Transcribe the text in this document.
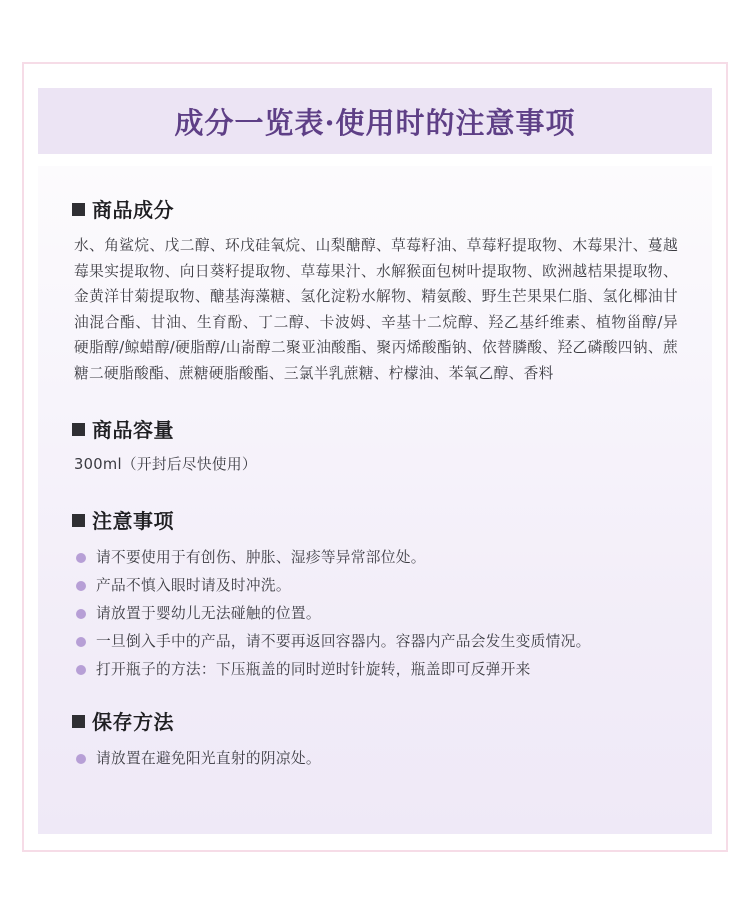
成分一览表·使用时的注意事项
商品成分

水、角鲨烷、戊二醇、环戊硅氧烷、山梨醣醇、草莓籽油、草莓籽提取物、木莓果汁、蔓越莓果实提取物、向日葵籽提取物、草莓果汁、水解猴面包树叶提取物、欧洲越桔果提取物、金黄洋甘菊提取物、醣基海藻糖、氢化淀粉水解物、精氨酸、野生芒果果仁脂、氢化椰油甘油混合酯、甘油、生育酚、丁二醇、卡波姆、辛基十二烷醇、羟乙基纤维素、植物甾醇/异硬脂醇/鲸蜡醇/硬脂醇/山嵛醇二聚亚油酸酯、聚丙烯酸酯钠、依替膦酸、羟乙磷酸四钠、蔗糖二硬脂酸酯、蔗糖硬脂酸酯、三氯半乳蔗糖、柠檬油、苯氧乙醇、香料

商品容量

300ml（开封后尽快使用）

注意事项
请不要使用于有创伤、肿胀、湿疹等异常部位处。
产品不慎入眼时请及时冲洗。
请放置于婴幼儿无法碰触的位置。
一旦倒入手中的产品，请不要再返回容器内。容器内产品会发生变质情况。
打开瓶子的方法：下压瓶盖的同时逆时针旋转，瓶盖即可反弹开来
保存方法
请放置在避免阳光直射的阴凉处。
